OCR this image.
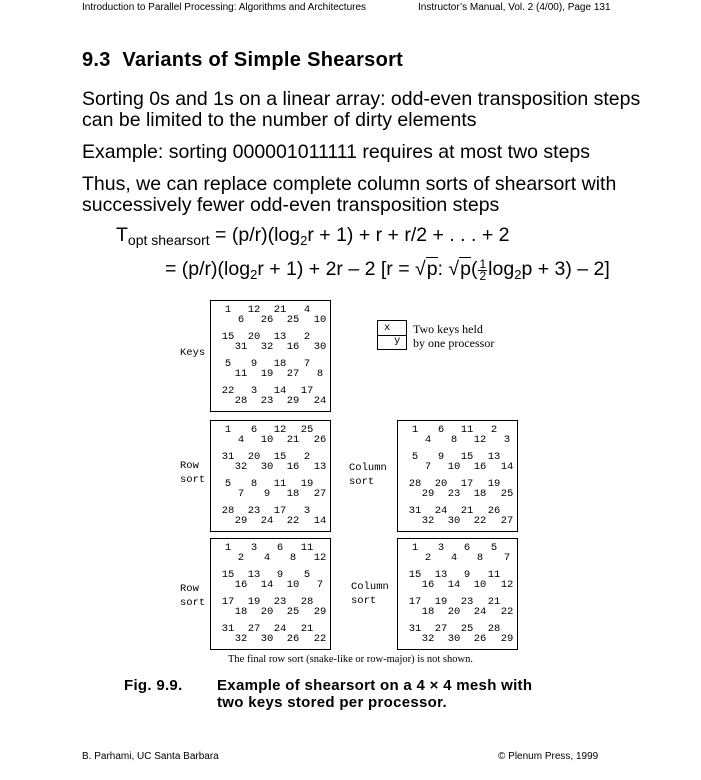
Introduction to Parallel Processing: Algorithms and Architectures	Instructor’s Manual, Vol. 2 (4/00), Page 131
9.3 Variants of Simple Shearsort
Sorting 0s and 1s on a linear array: odd-even transposition steps can be limited to the number of dirty elements
Example: sorting 000001011111 requires at most two steps
Thus, we can replace complete column sorts of shearsort with successively fewer odd-even transposition steps
$T_{opt shearsort} = (p/r)(\log_2r + 1) + r + r/2$ + . . . + 2
= $(p/r)(\log_2r + 1) + 2r - 2$ [r = √p: $√p( \frac{1}{2} \log_2p + 3) - 2$]
1
6
12
26
21
25
4
10
15
31
20
32
13
16
2
30
5
11
9
19
18
27
7
8
22
28
3
23
14
29
17
24
1
4
6
10
12
21
25
26
31
32
20
30
15
16
2
13
5
7
8
9
11
18
19
27
28
29
23
24
17
22
3
14
1
4
6
8
11
12
2
3
5
7
9
10
15
16
13
14
28
29
20
23
17
18
19
25
31
32
24
30
21
22
26
27
1
2
3
4
6
8
11
12
15
16
13
14
9
10
5
7
17
18
19
20
23
25
28
29
31
32
27
30
24
26
21
22
1
2
3
4
6
8
5
7
15
16
13
14
9
10
11
12
17
18
19
20
23
24
21
22
31
32
27
30
25
26
28
29
Keys
Row
sort
Column
sort
Row
sort
Column
sort
x
y
Two keys held
by one processor
The final row sort (snake-like or row-major) is not shown.
Fig. 9.9. Example of shearsort on a 4 × 4 mesh with
two keys stored per processor.
B. Parhami, UC Santa Barbara	© Plenum Press, 1999
